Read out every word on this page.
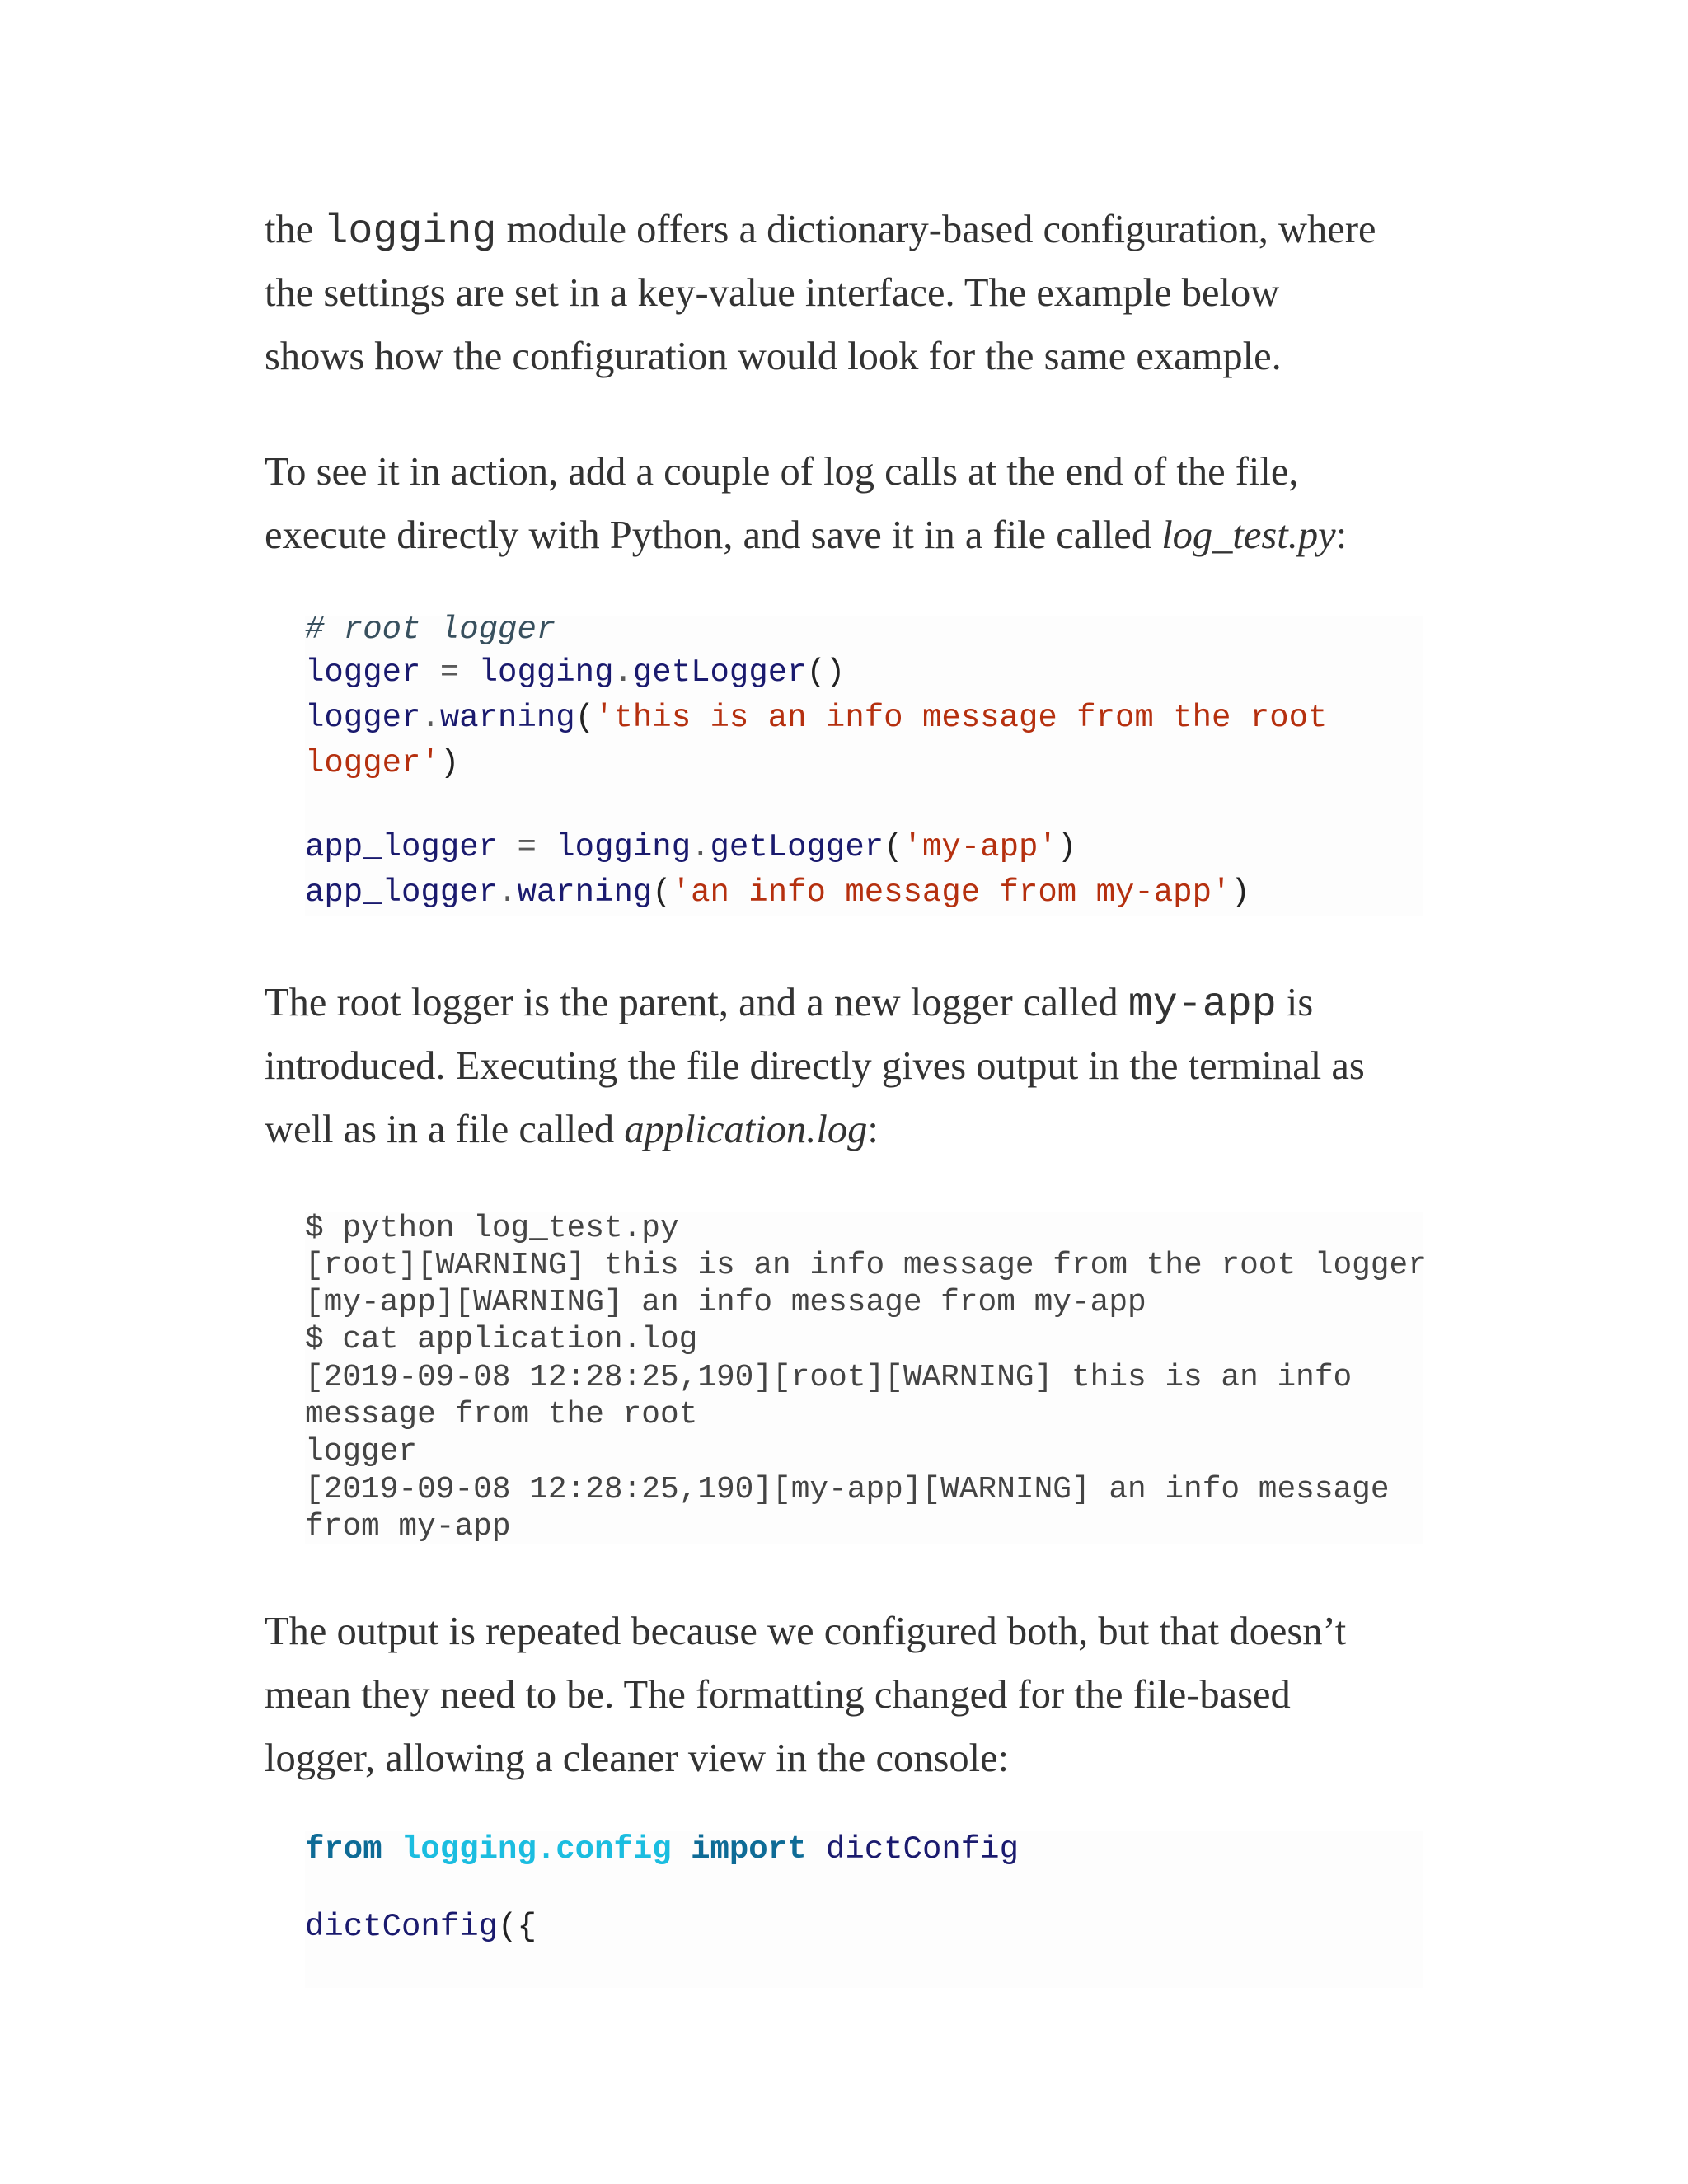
the logging module offers a dictionary-based configuration, where
the settings are set in a key-value interface. The example below
shows how the configuration would look for the same example.

To see it in action, add a couple of log calls at the end of the file,
execute directly with Python, and save it in a file called log_test.py:

# root logger

logger = logging.getLogger()

logger.warning('this is an info message from the root

logger')

app_logger = logging.getLogger('my-app')

app_logger.warning('an info message from my-app')

The root logger is the parent, and a new logger called my-app is
introduced. Executing the file directly gives output in the terminal as
well as in a file called application.log:

$ python log_test.py

[root][WARNING] this is an info message from the root logger

[my-app][WARNING] an info message from my-app

$ cat application.log

[2019-09-08 12:28:25,190][root][WARNING] this is an info

message from the root

logger

[2019-09-08 12:28:25,190][my-app][WARNING] an info message

from my-app

The output is repeated because we configured both, but that doesn’t
mean they need to be. The formatting changed for the file-based
logger, allowing a cleaner view in the console:

from logging.config import dictConfig

dictConfig({
